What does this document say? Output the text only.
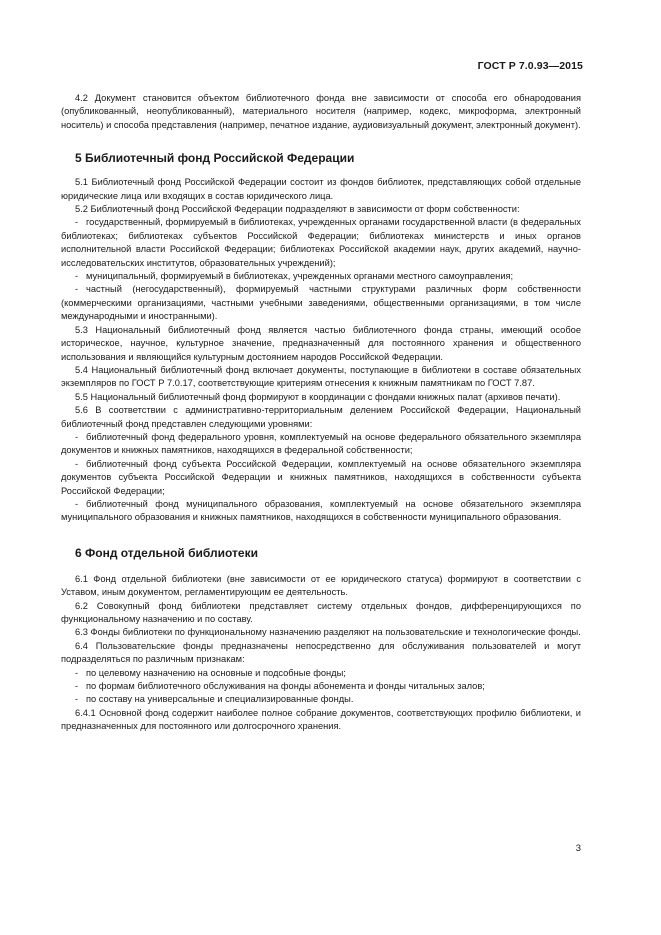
ГОСТ Р 7.0.93—2015

4.2 Документ становится объектом библиотечного фонда вне зависимости от способа его обнародования (опубликованный, неопубликованный), материального носителя (например, кодекс, микроформа, электронный носитель) и способа представления (например, печатное издание, аудиовизуальный документ, электронный документ).

5 Библиотечный фонд Российской Федерации

5.1 Библиотечный фонд Российской Федерации состоит из фондов библиотек, представляющих собой отдельные юридические лица или входящих в состав юридического лица.

5.2 Библиотечный фонд Российской Федерации подразделяют в зависимости от форм собственности:

- государственный, формируемый в библиотеках, учрежденных органами государственной власти (в федеральных библиотеках; библиотеках субъектов Российской Федерации; библиотеках министерств и иных органов исполнительной власти Российской Федерации; библиотеках Российской академии наук, других академий, научно-исследовательских институтов, образовательных учреждений);

- муниципальный, формируемый в библиотеках, учрежденных органами местного самоуправления;

- частный (негосударственный), формируемый частными структурами различных форм собственности (коммерческими организациями, частными учебными заведениями, общественными организациями, в том числе международными и иностранными).

5.3 Национальный библиотечный фонд является частью библиотечного фонда страны, имеющий особое историческое, научное, культурное значение, предназначенный для постоянного хранения и общественного использования и являющийся культурным достоянием народов Российской Федерации.

5.4 Национальный библиотечный фонд включает документы, поступающие в библиотеки в составе обязательных экземпляров по ГОСТ Р 7.0.17, соответствующие критериям отнесения к книжным памятникам по ГОСТ 7.87.

5.5 Национальный библиотечный фонд формируют в координации с фондами книжных палат (архивов печати).

5.6 В соответствии с административно-территориальным делением Российской Федерации, Национальный библиотечный фонд представлен следующими уровнями:

- библиотечный фонд федерального уровня, комплектуемый на основе федерального обязательного экземпляра документов и книжных памятников, находящихся в федеральной собственности;

- библиотечный фонд субъекта Российской Федерации, комплектуемый на основе обязательного экземпляра документов субъекта Российской Федерации и книжных памятников, находящихся в собственности субъекта Российской Федерации;

- библиотечный фонд муниципального образования, комплектуемый на основе обязательного экземпляра муниципального образования и книжных памятников, находящихся в собственности муниципального образования.

6 Фонд отдельной библиотеки

6.1 Фонд отдельной библиотеки (вне зависимости от ее юридического статуса) формируют в соответствии с Уставом, иным документом, регламентирующим ее деятельность.

6.2 Совокупный фонд библиотеки представляет систему отдельных фондов, дифференцирующихся по функциональному назначению и по составу.

6.3 Фонды библиотеки по функциональному назначению разделяют на пользовательские и технологические фонды.

6.4 Пользовательские фонды предназначены непосредственно для обслуживания пользователей и могут подразделяться по различным признакам:

- по целевому назначению на основные и подсобные фонды;

- по формам библиотечного обслуживания на фонды абонемента и фонды читальных залов;

- по составу на универсальные и специализированные фонды.

6.4.1 Основной фонд содержит наиболее полное собрание документов, соответствующих профилю библиотеки, и предназначенных для постоянного или долгосрочного хранения.

3
